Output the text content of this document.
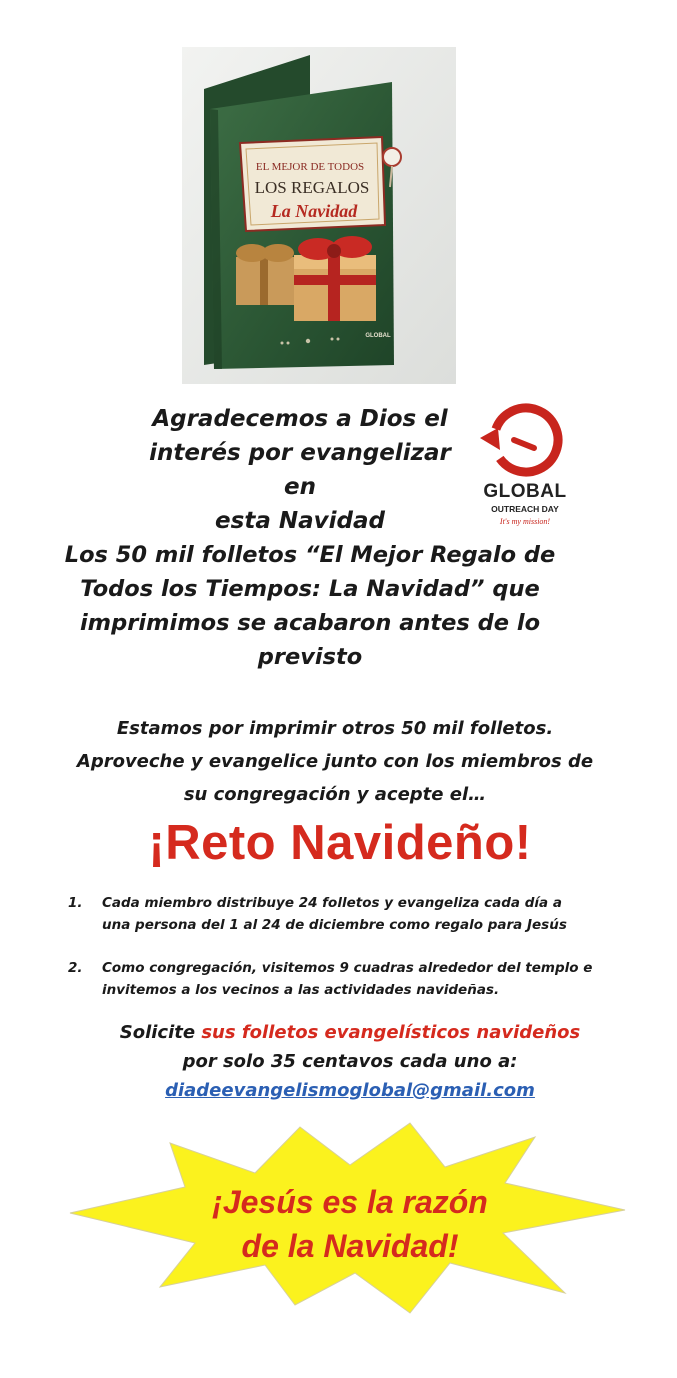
EL MEJOR DE TODOS
LOS REGALOS
La Navidad
GLOBAL
Agradecemos a Dios el
interés por evangelizar en
esta Navidad
GLOBAL
OUTREACH DAY
It's my mission!
Los 50 mil folletos “El Mejor Regalo de
Todos los Tiempos: La Navidad” que
imprimimos se acabaron antes de lo
previsto
Estamos por imprimir otros 50 mil folletos.
Aproveche y evangelice junto con los miembros de
su congregación y acepte el…
¡Reto Navideño!
1.	Cada miembro distribuye 24 folletos y evangeliza cada día a
una persona del 1 al 24 de diciembre como regalo para Jesús
2.	Como congregación, visitemos 9 cuadras alrededor del templo e
invitemos a los vecinos a las actividades navideñas.
Solicite sus folletos evangelísticos navideños
por solo 35 centavos cada uno a:
diadeevangelismoglobal@gmail.com
¡Jesús es la razón
de la Navidad!
